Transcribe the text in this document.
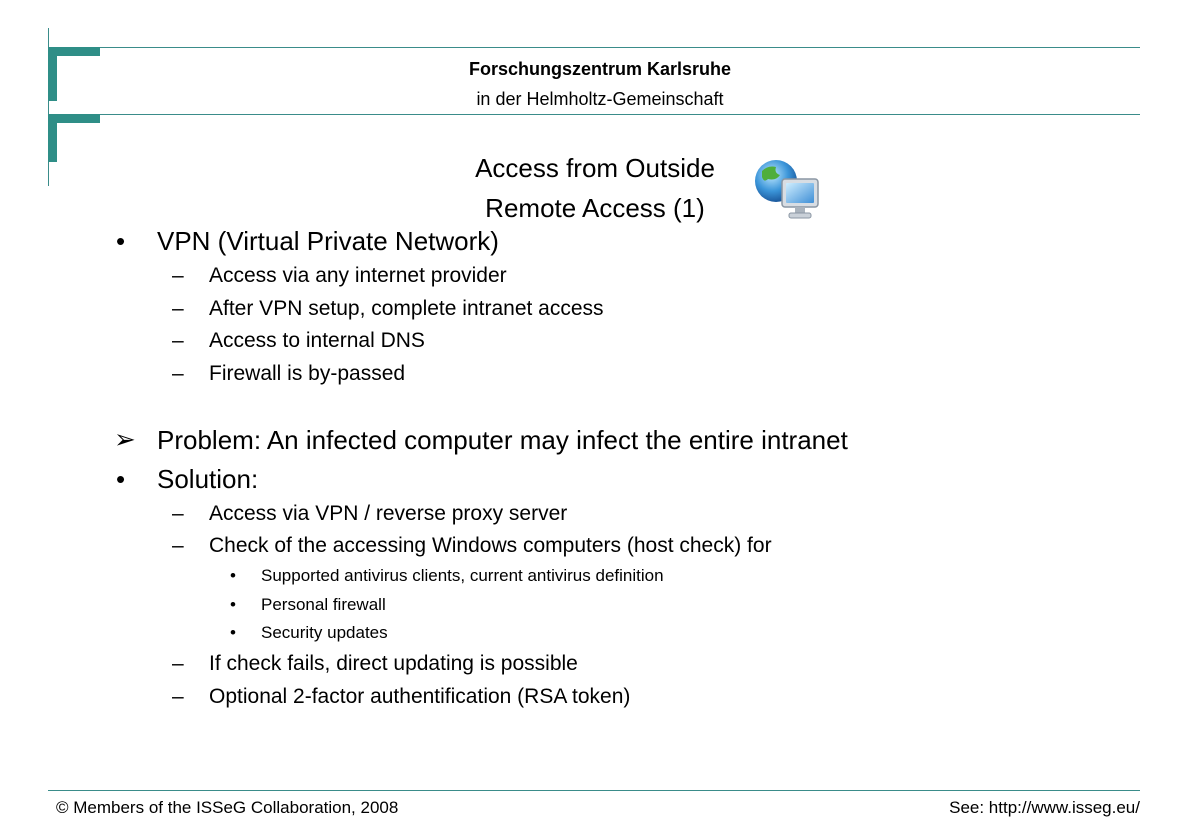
Forschungszentrum Karlsruhe
in der Helmholtz-Gemeinschaft
Access from Outside
Remote Access (1)
• VPN (Virtual Private Network)
– Access via any internet provider
– After VPN setup, complete intranet access
– Access to internal DNS
– Firewall is by-passed
➢ Problem: An infected computer may infect the entire intranet
• Solution:
– Access via VPN / reverse proxy server
– Check of the accessing Windows computers (host check) for
• Supported antivirus clients, current antivirus definition
• Personal firewall
• Security updates
– If check fails, direct updating is possible
– Optional 2-factor authentification (RSA token)
© Members of the ISSeG Collaboration, 2008	See: http://www.isseg.eu/
